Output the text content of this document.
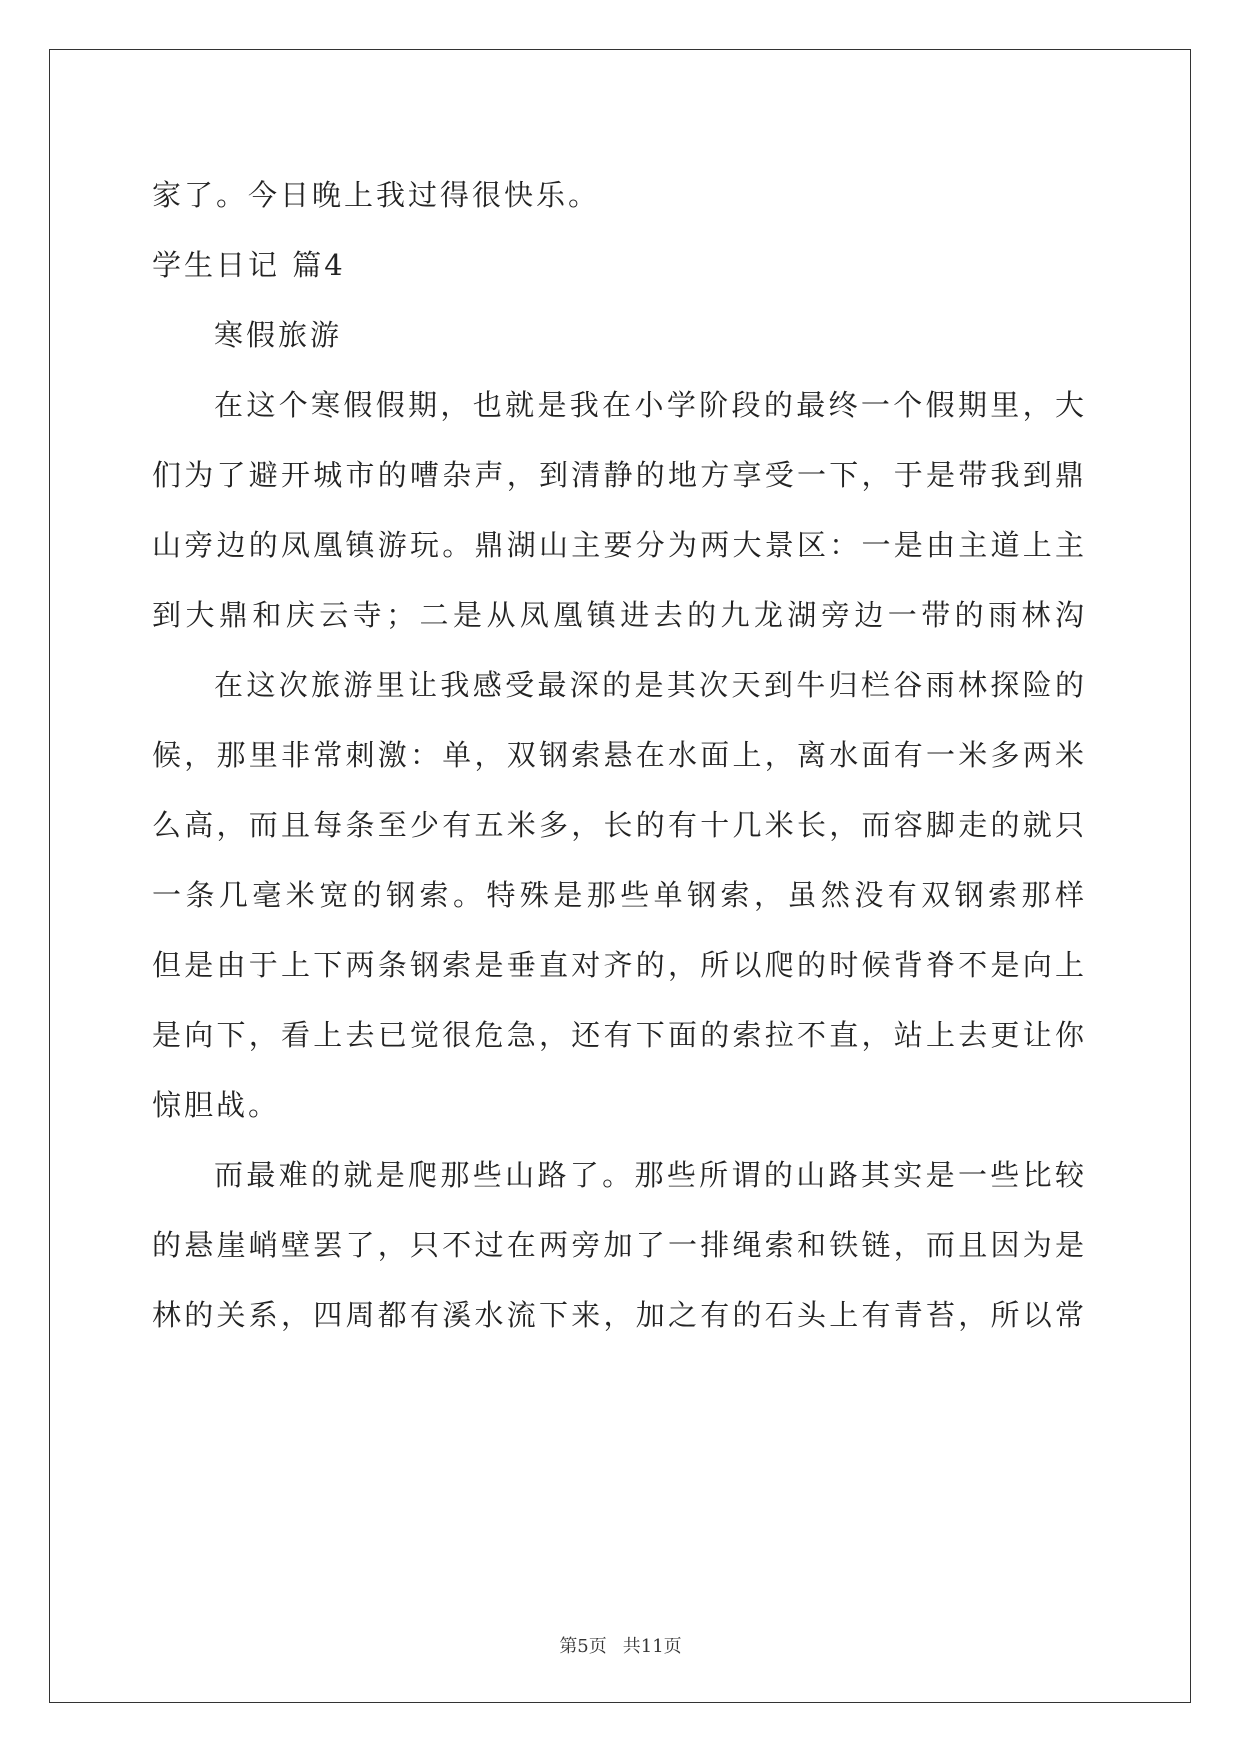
家了。今日晚上我过得很快乐。
学生日记 篇4
寒假旅游
在这个寒假假期，也就是我在小学阶段的最终一个假期里，大
们为了避开城市的嘈杂声，到清静的地方享受一下，于是带我到鼎
山旁边的凤凰镇游玩。鼎湖山主要分为两大景区：一是由主道上主
到大鼎和庆云寺；二是从凤凰镇进去的九龙湖旁边一带的雨林沟
在这次旅游里让我感受最深的是其次天到牛归栏谷雨林探险的
候，那里非常刺激：单，双钢索悬在水面上，离水面有一米多两米
么高，而且每条至少有五米多，长的有十几米长，而容脚走的就只
一条几毫米宽的钢索。特殊是那些单钢索，虽然没有双钢索那样
但是由于上下两条钢索是垂直对齐的，所以爬的时候背脊不是向上
是向下，看上去已觉很危急，还有下面的索拉不直，站上去更让你
惊胆战。
而最难的就是爬那些山路了。那些所谓的山路其实是一些比较
的悬崖峭壁罢了，只不过在两旁加了一排绳索和铁链，而且因为是
林的关系，四周都有溪水流下来，加之有的石头上有青苔，所以常
第5页 共11页
